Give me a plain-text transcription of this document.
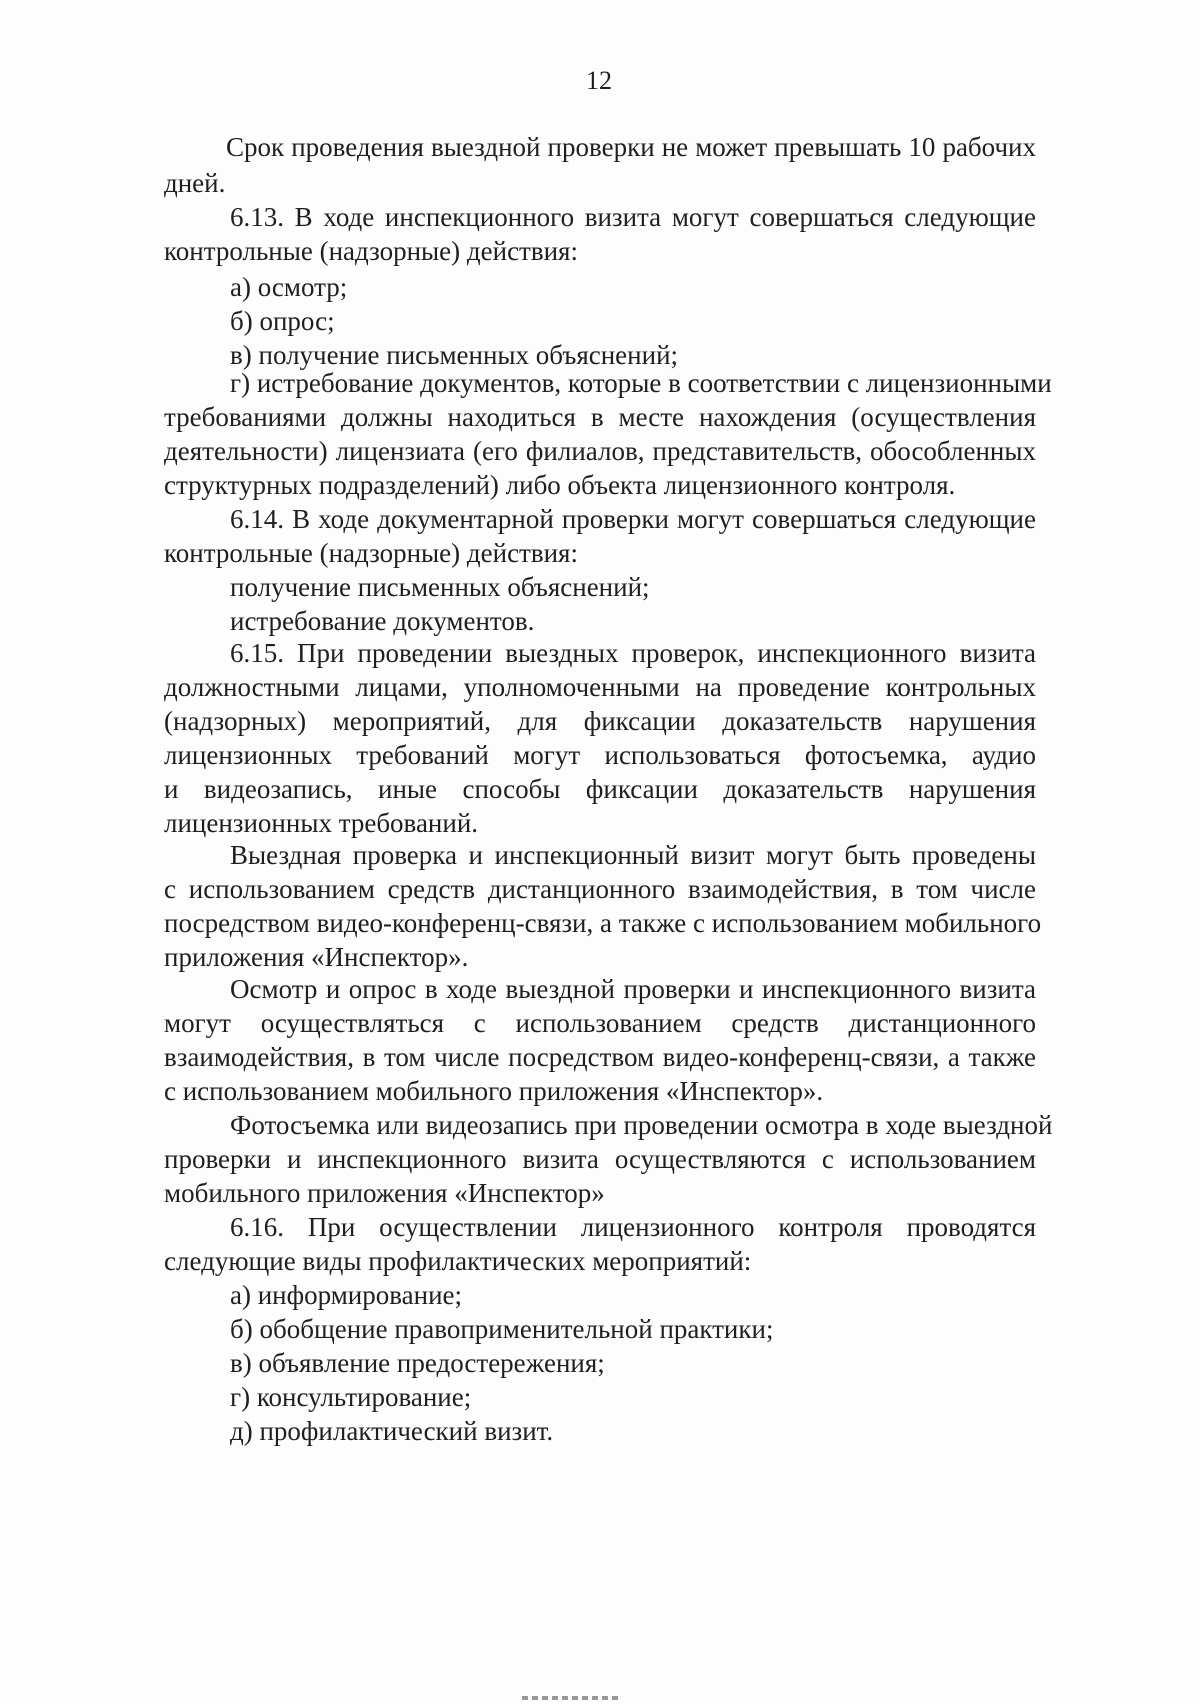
12
Срок проведения выездной проверки не может превышать 10 рабочих
дней.
6.13. В ходе инспекционного визита могут совершаться следующие
контрольные (надзорные) действия:
а) осмотр;
б) опрос;
в) получение письменных объяснений;
г) истребование документов, которые в соответствии с лицензионными
требованиями должны находиться в месте нахождения (осуществления
деятельности) лицензиата (его филиалов, представительств, обособленных
структурных подразделений) либо объекта лицензионного контроля.
6.14. В ходе документарной проверки могут совершаться следующие
контрольные (надзорные) действия:
получение письменных объяснений;
истребование документов.
6.15. При проведении выездных проверок, инспекционного визита
должностными лицами, уполномоченными на проведение контрольных
(надзорных) мероприятий, для фиксации доказательств нарушения
лицензионных требований могут использоваться фотосъемка, аудио
и видеозапись, иные способы фиксации доказательств нарушения
лицензионных требований.
Выездная проверка и инспекционный визит могут быть проведены
с использованием средств дистанционного взаимодействия, в том числе
посредством видео-конференц-связи, а также с использованием мобильного
приложения «Инспектор».
Осмотр и опрос в ходе выездной проверки и инспекционного визита
могут осуществляться с использованием средств дистанционного
взаимодействия, в том числе посредством видео-конференц-связи, а также
с использованием мобильного приложения «Инспектор».
Фотосъемка или видеозапись при проведении осмотра в ходе выездной
проверки и инспекционного визита осуществляются с использованием
мобильного приложения «Инспектор»
6.16. При осуществлении лицензионного контроля проводятся
следующие виды профилактических мероприятий:
а) информирование;
б) обобщение правоприменительной практики;
в) объявление предостережения;
г) консультирование;
д) профилактический визит.
